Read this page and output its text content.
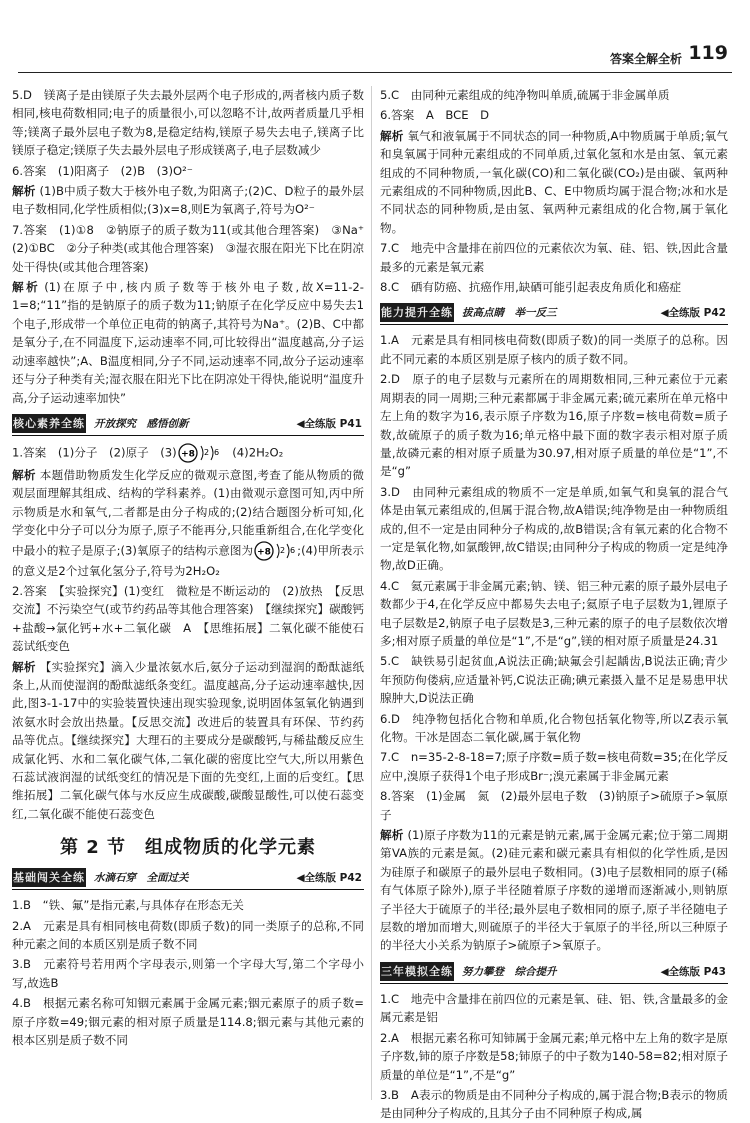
答案全解全析 119
5.D　镁离子是由镁原子失去最外层两个电子形成的,两者核内质子数相同,核电荷数相同;电子的质量很小,可以忽略不计,故两者质量几乎相等;镁离子最外层电子数为8,是稳定结构,镁原子易失去电子,镁离子比镁原子稳定;镁原子失去最外层电子形成镁离子,电子层数减少
6.答案　(1)阳离子　(2)B　(3)O²⁻
解析 (1)B中质子数大于核外电子数,为阳离子;(2)C、D粒子的最外层电子数相同,化学性质相似;(3)x=8,则E为氧离子,符号为O²⁻
7.答案　(1)①8　②钠原子的质子数为11(或其他合理答案)　③Na⁺　(2)①BC　②分子种类(或其他合理答案)　③湿衣服在阳光下比在阴凉处干得快(或其他合理答案)
解析 (1)在原子中,核内质子数等于核外电子数,故X=11-2-1=8;“11”指的是钠原子的质子数为11;钠原子在化学反应中易失去1个电子,形成带一个单位正电荷的钠离子,其符号为Na⁺。(2)B、C中都是氧分子,在不同温度下,运动速率不同,可比较得出“温度越高,分子运动速率越快”;A、B温度相同,分子不同,运动速率不同,故分子运动速率还与分子种类有关;湿衣服在阳光下比在阴凉处干得快,能说明“温度升高,分子运动速率加快”
核心素养全练 开放探究　感悟创新	◀全练版 P41
1.答案　(1)分子　(2)原子　(3) +8 2 6 　(4)2H₂O₂
解析 本题借助物质发生化学反应的微观示意图,考查了能从物质的微观层面理解其组成、结构的学科素养。(1)由微观示意图可知,丙中所示物质是水和氧气,二者都是由分子构成的;(2)结合题图分析可知,化学变化中分子可以分为原子,原子不能再分,只能重新组合,在化学变化中最小的粒子是原子;(3)氧原子的结构示意图为 +8 2 6 ;(4)甲所表示的意义是2个过氧化氢分子,符号为2H₂O₂
2.答案　【实验探究】(1)变红　微粒是不断运动的　(2)放热　【反思交流】不污染空气(或节约药品等其他合理答案)　【继续探究】碳酸钙+盐酸→氯化钙+水+二氧化碳　A　【思维拓展】二氧化碳不能使石蕊试纸变色
解析 【实验探究】滴入少量浓氨水后,氨分子运动到湿润的酚酞滤纸条上,从而使湿润的酚酞滤纸条变红。温度越高,分子运动速率越快,因此,图3-1-17中的实验装置快速出现实验现象,说明固体氢氧化钠遇到浓氨水时会放出热量。【反思交流】改进后的装置具有环保、节约药品等优点。【继续探究】大理石的主要成分是碳酸钙,与稀盐酸反应生成氯化钙、水和二氧化碳气体,二氧化碳的密度比空气大,所以用紫色石蕊试液润湿的试纸变红的情况是下面的先变红,上面的后变红。【思维拓展】二氧化碳气体与水反应生成碳酸,碳酸显酸性,可以使石蕊变红,二氧化碳不能使石蕊变色
第 2 节　组成物质的化学元素
基础闯关全练 水滴石穿　全面过关	◀全练版 P42
1.B　“铁、氟”是指元素,与具体存在形态无关
2.A　元素是具有相同核电荷数(即质子数)的同一类原子的总称,不同种元素之间的本质区别是质子数不同
3.B　元素符号若用两个字母表示,则第一个字母大写,第二个字母小写,故选B
4.B　根据元素名称可知铟元素属于金属元素;铟元素原子的质子数=原子序数=49;铟元素的相对原子质量是114.8;铟元素与其他元素的根本区别是质子数不同
5.C　由同种元素组成的纯净物叫单质,硫属于非金属单质
6.答案　A　BCE　D
解析 氧气和液氧属于不同状态的同一种物质,A中物质属于单质;氧气和臭氧属于同种元素组成的不同单质,过氧化氢和水是由氢、氧元素组成的不同种物质,一氧化碳(CO)和二氧化碳(CO₂)是由碳、氧两种元素组成的不同种物质,因此B、C、E中物质均属于混合物;冰和水是不同状态的同种物质,是由氢、氧两种元素组成的化合物,属于氧化物。
7.C　地壳中含量排在前四位的元素依次为氧、硅、铝、铁,因此含量最多的元素是氧元素
8.C　硒有防癌、抗癌作用,缺硒可能引起表皮角质化和癌症
能力提升全练 拔高点睛　举一反三	◀全练版 P42
1.A　元素是具有相同核电荷数(即质子数)的同一类原子的总称。因此不同元素的本质区别是原子核内的质子数不同。
2.D　原子的电子层数与元素所在的周期数相同,三种元素位于元素周期表的同一周期;三种元素都属于非金属元素;硫元素所在单元格中左上角的数字为16,表示原子序数为16,原子序数=核电荷数=质子数,故硫原子的质子数为16;单元格中最下面的数字表示相对原子质量,故磷元素的相对原子质量为30.97,相对原子质量的单位是“1”,不是“g”
3.D　由同种元素组成的物质不一定是单质,如氧气和臭氧的混合气体是由氧元素组成的,但属于混合物,故A错误;纯净物是由一种物质组成的,但不一定是由同种分子构成的,故B错误;含有氧元素的化合物不一定是氧化物,如氯酸钾,故C错误;由同种分子构成的物质一定是纯净物,故D正确。
4.C　氦元素属于非金属元素;钠、镁、铝三种元素的原子最外层电子数都少于4,在化学反应中都易失去电子;氦原子电子层数为1,锂原子电子层数是2,钠原子电子层数是3,三种元素的原子的电子层数依次增多;相对原子质量的单位是“1”,不是“g”,镁的相对原子质量是24.31
5.C　缺铁易引起贫血,A说法正确;缺氟会引起龋齿,B说法正确;青少年预防佝偻病,应适量补钙,C说法正确;碘元素摄入量不足是易患甲状腺肿大,D说法正确
6.D　纯净物包括化合物和单质,化合物包括氧化物等,所以Z表示氧化物。干冰是固态二氧化碳,属于氧化物
7.C　n=35-2-8-18=7;原子序数=质子数=核电荷数=35;在化学反应中,溴原子获得1个电子形成Br⁻;溴元素属于非金属元素
8.答案　(1)金属　氮　(2)最外层电子数　(3)钠原子>硫原子>氧原子
解析 (1)原子序数为11的元素是钠元素,属于金属元素;位于第二周期第VA族的元素是氮。(2)硅元素和碳元素具有相似的化学性质,是因为硅原子和碳原子的最外层电子数相同。(3)电子层数相同的原子(稀有气体原子除外),原子半径随着原子序数的递增而逐渐减小,则钠原子半径大于硫原子的半径;最外层电子数相同的原子,原子半径随电子层数的增加而增大,则硫原子的半径大于氧原子的半径,所以三种原子的半径大小关系为钠原子>硫原子>氧原子。
三年模拟全练 努力攀登　综合提升	◀全练版 P43
1.C　地壳中含量排在前四位的元素是氧、硅、铝、铁,含量最多的金属元素是铝
2.A　根据元素名称可知铈属于金属元素;单元格中左上角的数字是原子序数,铈的原子序数是58;铈原子的中子数为140-58=82;相对原子质量的单位是“1”,不是“g”
3.B　A表示的物质是由不同种分子构成的,属于混合物;B表示的物质是由同种分子构成的,且其分子由不同种原子构成,属
